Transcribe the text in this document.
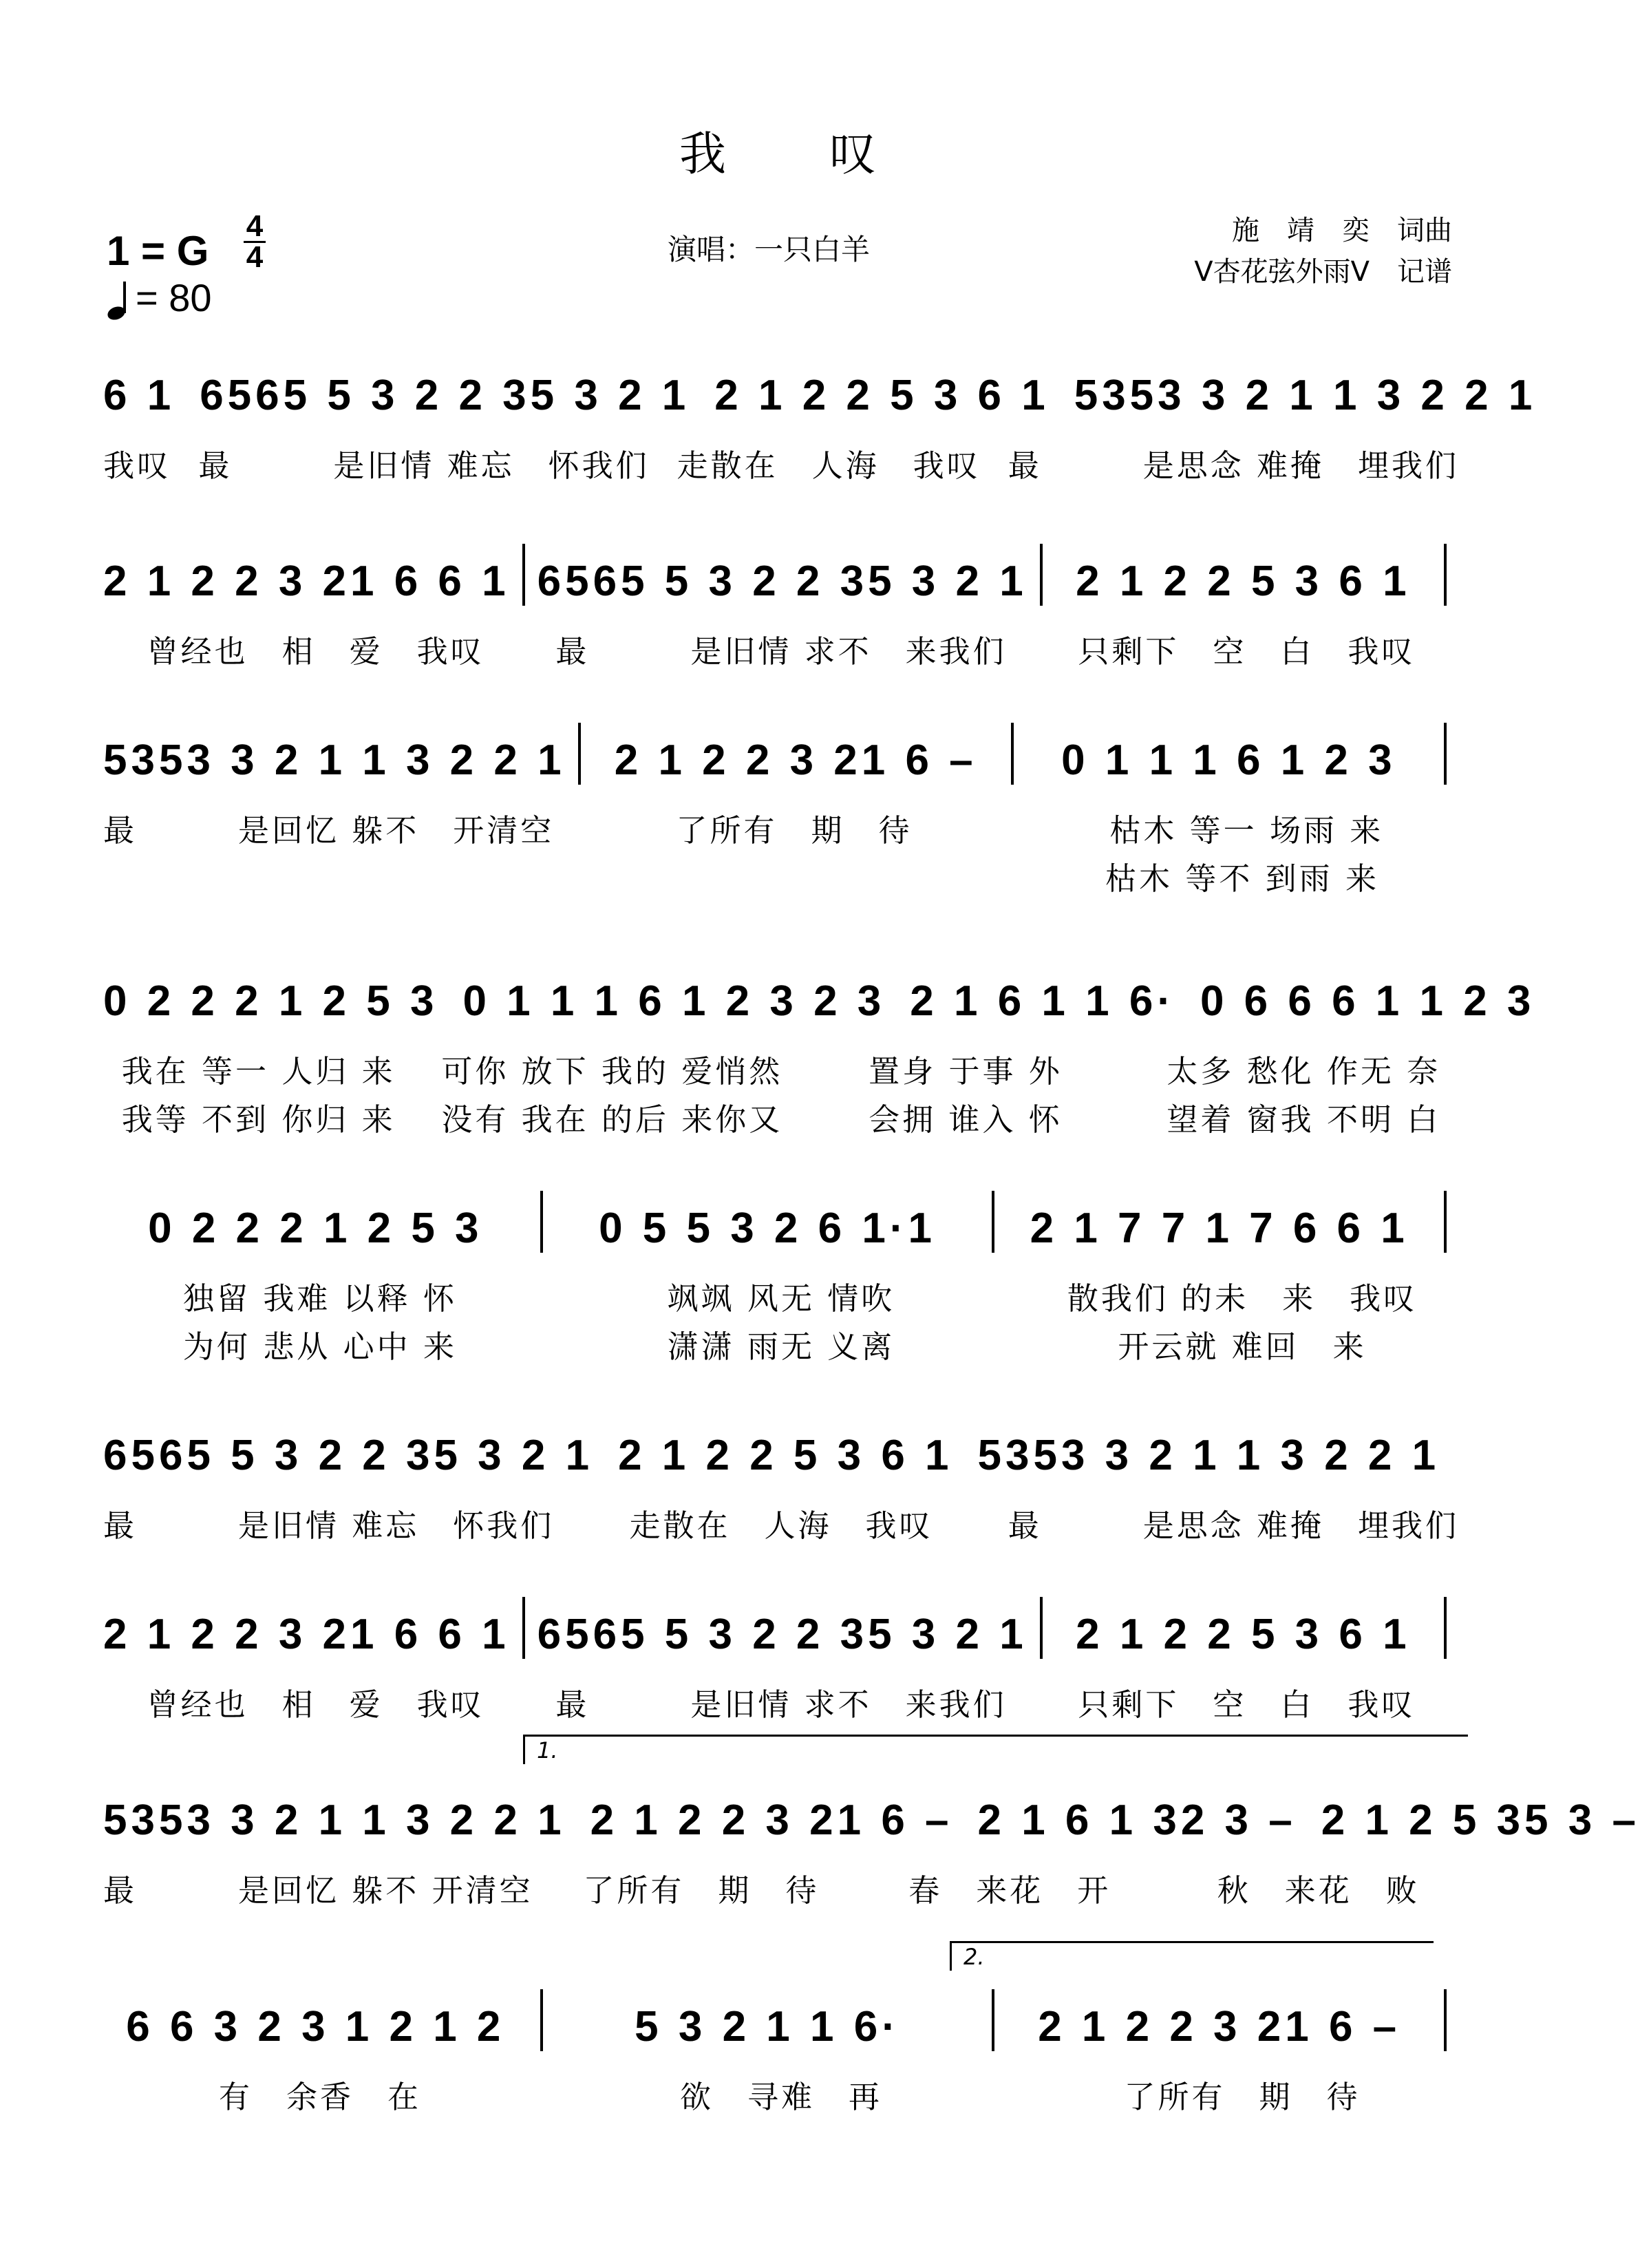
我叹
1 = G
4
4
= 80
演唱：一只白羊
施　靖　奕　词曲
V杏花弦外雨V　记谱
6 1 6565 5 3 2 2 35 3 2 1 2 1 2 2 5 3 6 1 5353 3 2 1 1 3 2 2 1
我叹 最　　　是旧情 难忘　怀我们 走散在　人海　我叹 最　　　是思念 难掩　埋我们
2 1 2 2 3 21 6 6 1 6565 5 3 2 2 35 3 2 1	2 1 2 2 5 3 6 1
曾经也　相　爱　我叹	最　　　是旧情 求不　来我们	只剩下　空　白　我叹
5353 3 2 1 1 3 2 2 1	2 1 2 2 3 21 6 –	0 1 1 1 6 1 2 3
最　　　是回忆 躲不　开清空	了所有　期　待	枯木 等一 场雨 来
枯木 等不 到雨 来
0 2 2 2 1 2 5 3 0 1 1 1 6 1 2 3 2 3 2 1 6 1 1 6· 0 6 6 6 1 1 2 3
我在 等一 人归 来	可你 放下 我的 爱悄然	置身 于事 外	太多 愁化 作无 奈
我等 不到 你归 来	没有 我在 的后 来你又	会拥 谁入 怀	望着 窗我 不明 白
0 2 2 2 1 2 5 3	0 5 5 3 2 6 1·1	2 1 7 7 1 7 6 6 1
独留 我难 以释 怀	飒飒 风无 情吹	散我们 的未　来　我叹
为何 悲从 心中 来	潇潇 雨无 义离	开云就 难回　来
6565 5 3 2 2 35 3 2 1 2 1 2 2 5 3 6 1 5353 3 2 1 1 3 2 2 1
最　　　是旧情 难忘　怀我们	走散在　人海　我叹	最　　　是思念 难掩　埋我们
2 1 2 2 3 21 6 6 1 6565 5 3 2 2 35 3 2 1	2 1 2 2 5 3 6 1
曾经也　相　爱　我叹	最　　　是旧情 求不　来我们	只剩下　空　白　我叹
5353 3 2 1 1 3 2 2 1 2 1 2 2 3 21 6 – 2 1 6 1 32 3 – 2 1 2 5 35 3 –
最　　　是回忆 躲不 开清空	了所有　期　待	春　来花　开	秋　来花　败
6 6 3 2 3 1 2 1 2	5 3 2 1 1 6·	2 1 2 2 3 21 6 –
有　余香　在	欲　寻难　再	了所有　期　待
1.
2.
